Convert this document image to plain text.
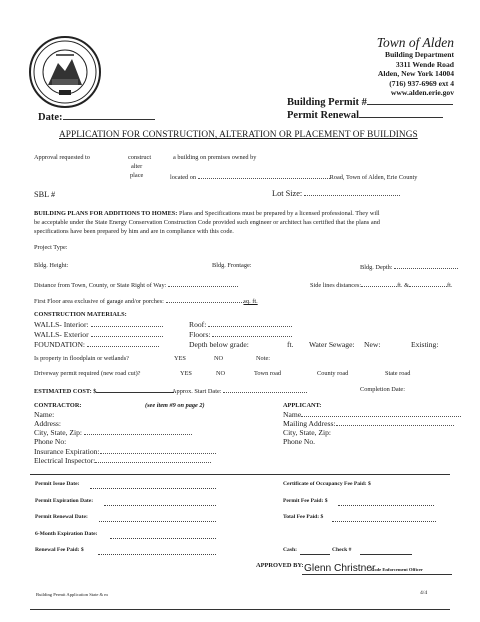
Town of Alden
Building Department
3311 Wende Road
Alden, New York 14004
(716) 937-6969 ext 4
www.alden.erie.gov
Building Permit #
Permit Renewal
Date:
APPLICATION FOR CONSTRUCTION, ALTERATION OR PLACEMENT OF BUILDINGS
Approval requested to	construct
alter
place
a building on premises owned by
located on	Road, Town of Alden, Erie County
SBL #	Lot Size:
BUILDING PLANS FOR ADDITIONS TO HOMES: Plans and Specifications must be prepared by a licensed professional. They will
be acceptable under the State Energy Conservation Construction Code provided such engineer or architect has certified that the plans and
specifications have been prepared by him and are in compliance with this code.
Project Type:
Bldg. Height:	Bldg. Frontage:	Bldg. Depth:
Distance from Town, County, or State Right of Way:	Side lines distances:	ft. &	ft.
First Floor area exclusive of garage and/or porches:	sq. ft.
CONSTRUCTION MATERIALS:
WALLS- Interior:
WALLS- Exterior
FOUNDATION:
Roof:
Floors:
Depth below grade:	ft. Water Sewage: New:	Existing:
Is property in floodplain or wetlands?	YES	NO	Note:
Driveway permit required (new road cut)?	YES	NO	Town road	County road	State road
ESTIMATED COST: $	Approx. Start Date:	Completion Date:
CONTRACTOR:	(see item #9 on page 2)
Name:
Address:
City, State, Zip:
Phone No:
Insurance Expiration:
Electrical Inspector:
APPLICANT:
Name
Mailing Address:
City, State, Zip:
Phone No.
Permit Issue Date:
Permit Expiration Date:
Permit Renewal Date:
6-Month Expiration Date:
Renewal Fee Paid: $
Certificate of Occupancy Fee Paid: $
Permit Fee Paid: $
Total Fee Paid: $
Cash:	Check #
APPROVED BY: Glenn Christner
Code Enforcement Officer
Building Permit Application State & m	4/4
